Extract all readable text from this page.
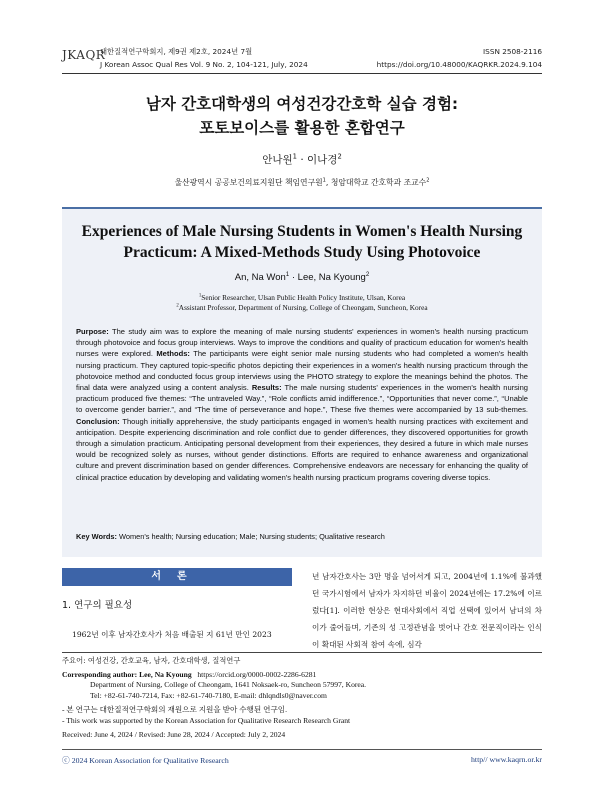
JKAQR
대한질적연구학회지, 제9권 제2호, 2024년 7월
J Korean Assoc Qual Res Vol. 9 No. 2, 104-121, July, 2024
ISSN 2508-2116
https://doi.org/10.48000/KAQRKR.2024.9.104
남자 간호대학생의 여성건강간호학 실습 경험:
포토보이스를 활용한 혼합연구
안나원$^1$ · 이나경$^2$
울산광역시 공공보건의료지원단 책임연구원$^1$, 청암대학교 간호학과 조교수$^2$
Experiences of Male Nursing Students in Women's Health Nursing
Practicum: A Mixed-Methods Study Using Photovoice
An, Na Won$^1$ · Lee, Na Kyoung$^2$
$^1$Senior Researcher, Ulsan Public Health Policy Institute, Ulsan, Korea
$^2$Assistant Professor, Department of Nursing, College of Cheongam, Suncheon, Korea
Purpose: The study aim was to explore the meaning of male nursing students' experiences in women's health nursing practicum through photovoice and focus group interviews. Ways to improve the conditions and quality of practicum education for women's health nurses were explored. Methods: The participants were eight senior male nursing students who had completed a women's health nursing practicum. They captured topic-specific photos depicting their experiences in a women's health nursing practicum through the photovoice method and conducted focus group interviews using the PHOTO strategy to explore the meanings behind the photos. The final data were analyzed using a content analysis. Results: The male nursing students' experiences in the women's health nursing practicum produced five themes: “The untraveled Way.”, “Role conflicts amid indifference.”, “Opportunities that never come.”, “Unable to overcome gender barrier.”, and “The time of perseverance and hope.”, These five themes were accompanied by 13 sub-themes. Conclusion: Though initially apprehensive, the study participants engaged in women's health nursing practices with excitement and anticipation. Despite experiencing discrimination and role conflict due to gender differences, they discovered opportunities for growth through a simulation practicum. Anticipating personal development from their experiences, they desired a future in which male nurses would be recognized solely as nurses, without gender distinctions. Efforts are required to enhance awareness and organizational culture and prevent discrimination based on gender differences. Comprehensive endeavors are necessary for enhancing the quality of clinical practice education by developing and validating women's health nursing practicum programs covering diverse topics.
Key Words: Women's health; Nursing education; Male; Nursing students; Qualitative research
서론
1. 연구의 필요성
1962년 이후 남자간호사가 처음 배출된 지 61년 만인 2023
년 남자간호사는 3만 명을 넘어서게 되고, 2004년에 1.1%에 불과했던 국가시험에서 남자가 차지하던 비율이 2024년에는 17.2%에 이르렀다[1]. 이러한 현상은 현대사회에서 직업 선택에 있어서 남녀의 차이가 줄어들며, 기존의 성 고정관념을 벗어나 간호 전문직이라는 인식이 확대된 사회적 참여 속에, 심각
주요어: 여성건강, 간호교육, 남자, 간호대학생, 질적연구
Corresponding author: Lee, Na Kyoung https://orcid.org/0000-0002-2286-6281
Department of Nursing, College of Cheongam, 1641 Noksaek-ro, Suncheon 57997, Korea.
Tel: +82-61-740-7214, Fax: +82-61-740-7180, E-mail: dhlqndls0@naver.com
- 본 연구는 대한질적연구학회의 재원으로 지원을 받아 수행된 연구임.
- This work was supported by the Korean Association for Qualitative Research Research Grant
Received: June 4, 2024 / Revised: June 28, 2024 / Accepted: July 2, 2024
ⓒ 2024 Korean Association for Qualitative Research	http// www.kaqrn.or.kr
